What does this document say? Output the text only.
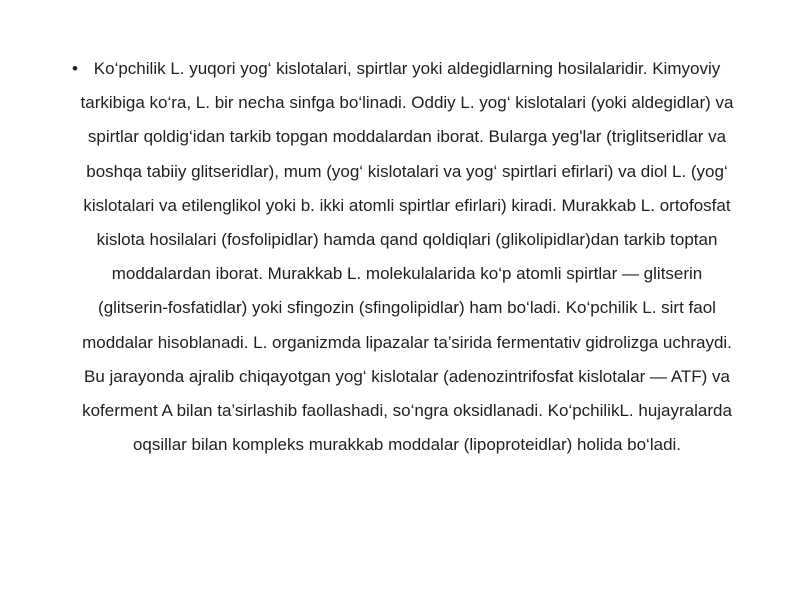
• Ko‘pchilik L. yuqori yog‘ kislotalari, spirtlar yoki aldegidlarning hosilalaridir. Kimyoviy tarkibiga ko‘ra, L. bir necha sinfga bo‘linadi. Oddiy L. yog‘ kislotalari (yoki aldegidlar) va spirtlar qoldig‘idan tarkib topgan moddalardan iborat. Bularga yeg'lar (triglitseridlar va boshqa tabiiy glitseridlar), mum (yog‘ kislotalari va yog‘ spirtlari efirlari) va diol L. (yog‘ kislotalari va etilenglikol yoki b. ikki atomli spirtlar efirlari) kiradi. Murakkab L. ortofosfat kislota hosilalari (fosfolipidlar) hamda qand qoldiqlari (glikolipidlar)dan tarkib toptan moddalardan iborat. Murakkab L. molekulalarida ko‘p atomli spirtlar — glitserin (glitserin-fosfatidlar) yoki sfingozin (sfingolipidlar) ham bo‘ladi. Ko‘pchilik L. sirt faol moddalar hisoblanadi. L. organizmda lipazalar ta’sirida fermentativ gidrolizga uchraydi. Bu jarayonda ajralib chiqayotgan yog‘ kislotalar (adenozintrifosfat kislotalar — ATF) va koferment A bilan ta’sirlashib faollashadi, so‘ngra oksidlanadi. Ko‘pchilikL. hujayralarda oqsillar bilan kompleks murakkab moddalar (lipoproteidlar) holida bo‘ladi.
